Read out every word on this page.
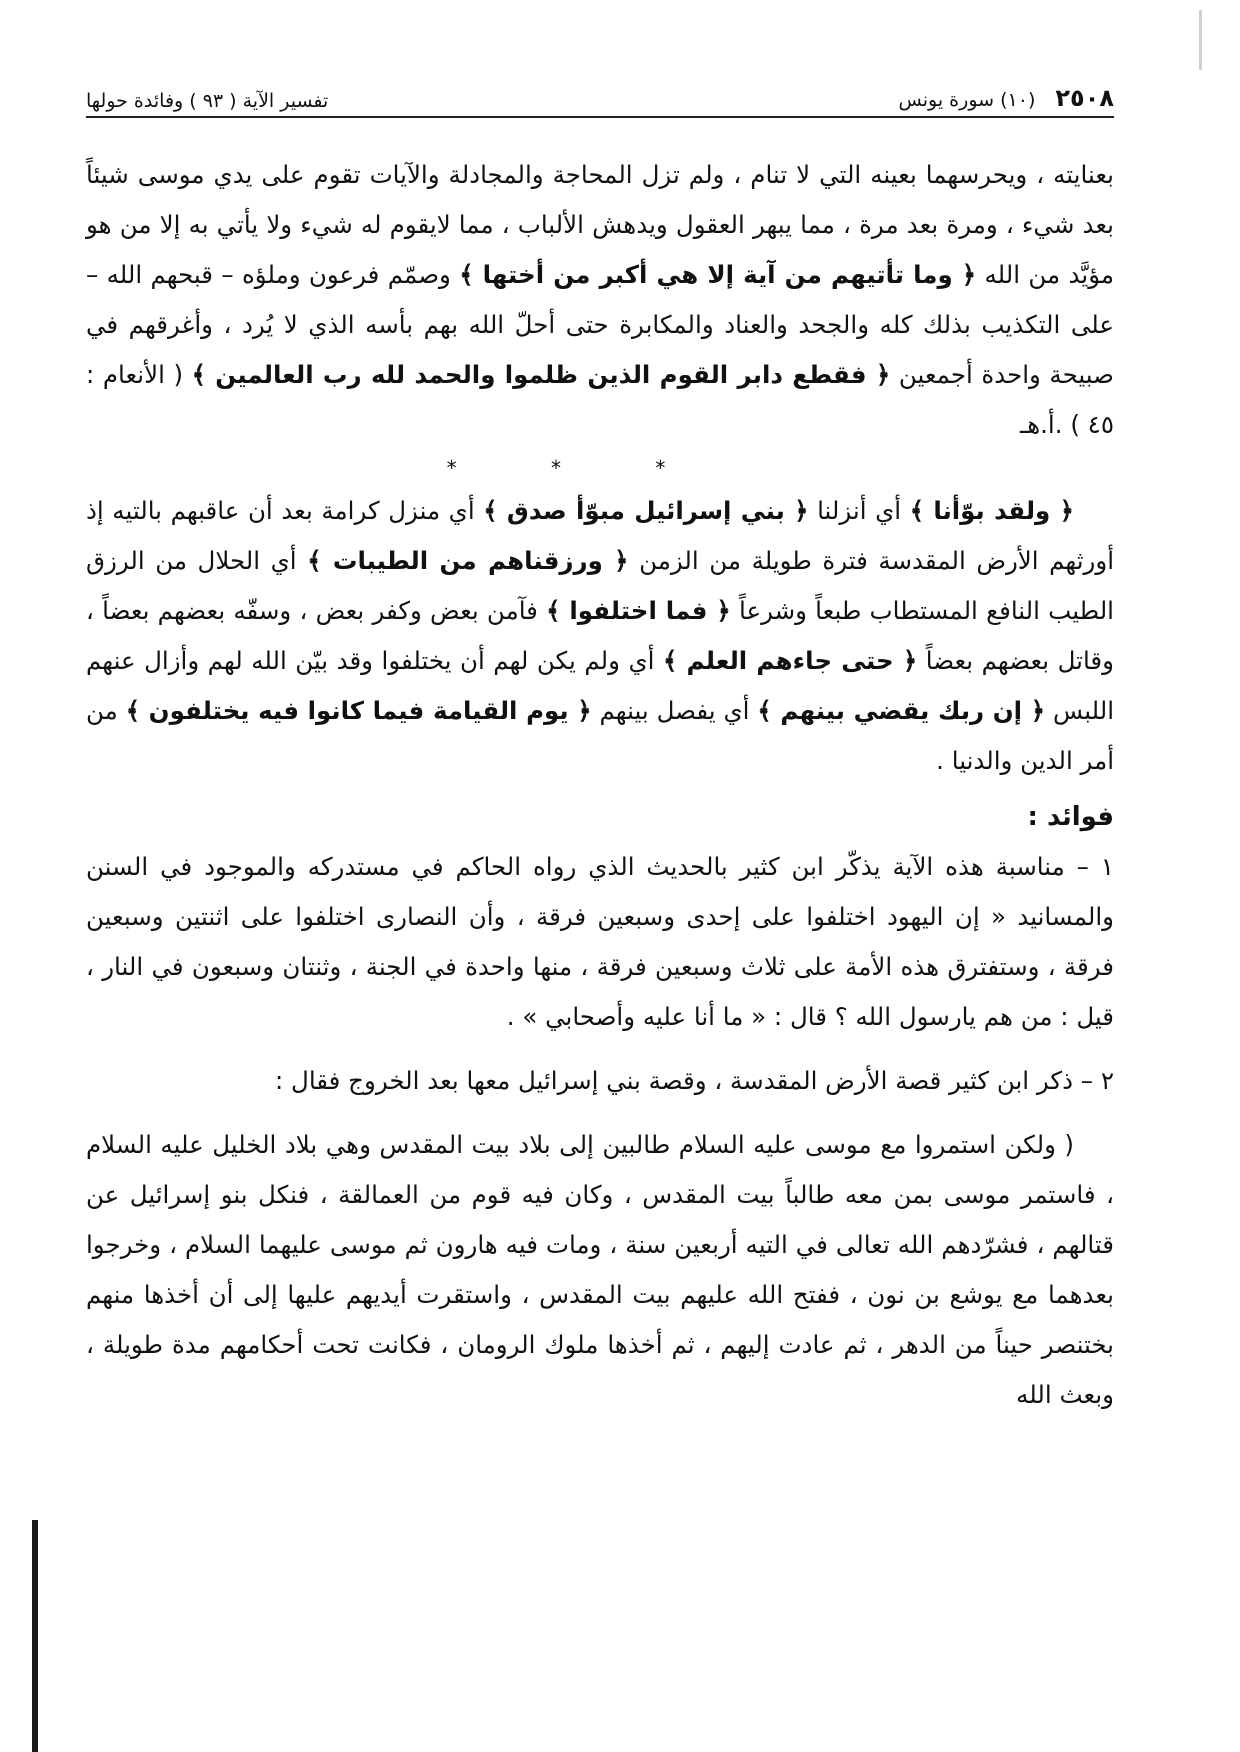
٢٥٠٨ (١٠) سورة يونس
تفسير الآية ( ٩٣ ) وفائدة حولها

بعنايته ، ويحرسهما بعينه التي لا تنام ، ولم تزل المحاجة والمجادلة والآيات تقوم على يدي موسى شيئاً بعد شيء ، ومرة بعد مرة ، مما يبهر العقول ويدهش الألباب ، مما لايقوم له شيء ولا يأتي به إلا من هو مؤيَّد من الله ﴿ وما تأتيهم من آية إلا هي أكبر من أختها ﴾ وصمّم فرعون وملؤه – قبحهم الله – على التكذيب بذلك كله والجحد والعناد والمكابرة حتى أحلّ الله بهم بأسه الذي لا يُرد ، وأغرقهم في صبيحة واحدة أجمعين ﴿ فقطع دابر القوم الذين ظلموا والحمد لله رب العالمين ﴾ ( الأنعام : ٤٥ ) .أ.هـ

* * *

﴿ ولقد بوّأنا ﴾ أي أنزلنا ﴿ بني إسرائيل مبوّأ صدق ﴾ أي منزل كرامة بعد أن عاقبهم بالتيه إذ أورثهم الأرض المقدسة فترة طويلة من الزمن ﴿ ورزقناهم من الطيبات ﴾ أي الحلال من الرزق الطيب النافع المستطاب طبعاً وشرعاً ﴿ فما اختلفوا ﴾ فآمن بعض وكفر بعض ، وسفّه بعضهم بعضاً ، وقاتل بعضهم بعضاً ﴿ حتى جاءهم العلم ﴾ أي ولم يكن لهم أن يختلفوا وقد بيّن الله لهم وأزال عنهم اللبس ﴿ إن ربك يقضي بينهم ﴾ أي يفصل بينهم ﴿ يوم القيامة فيما كانوا فيه يختلفون ﴾ من أمر الدين والدنيا .

فوائد :

١ – مناسبة هذه الآية يذكّر ابن كثير بالحديث الذي رواه الحاكم في مستدركه والموجود في السنن والمسانيد « إن اليهود اختلفوا على إحدى وسبعين فرقة ، وأن النصارى اختلفوا على اثنتين وسبعين فرقة ، وستفترق هذه الأمة على ثلاث وسبعين فرقة ، منها واحدة في الجنة ، وثنتان وسبعون في النار ، قيل : من هم يارسول الله ؟ قال : « ما أنا عليه وأصحابي » .

٢ – ذكر ابن كثير قصة الأرض المقدسة ، وقصة بني إسرائيل معها بعد الخروج فقال :

( ولكن استمروا مع موسى عليه السلام طالبين إلى بلاد بيت المقدس وهي بلاد الخليل عليه السلام ، فاستمر موسى بمن معه طالباً بيت المقدس ، وكان فيه قوم من العمالقة ، فنكل بنو إسرائيل عن قتالهم ، فشرّدهم الله تعالى في التيه أربعين سنة ، ومات فيه هارون ثم موسى عليهما السلام ، وخرجوا بعدهما مع يوشع بن نون ، ففتح الله عليهم بيت المقدس ، واستقرت أيديهم عليها إلى أن أخذها منهم بختنصر حيناً من الدهر ، ثم عادت إليهم ، ثم أخذها ملوك الرومان ، فكانت تحت أحكامهم مدة طويلة ، وبعث الله
